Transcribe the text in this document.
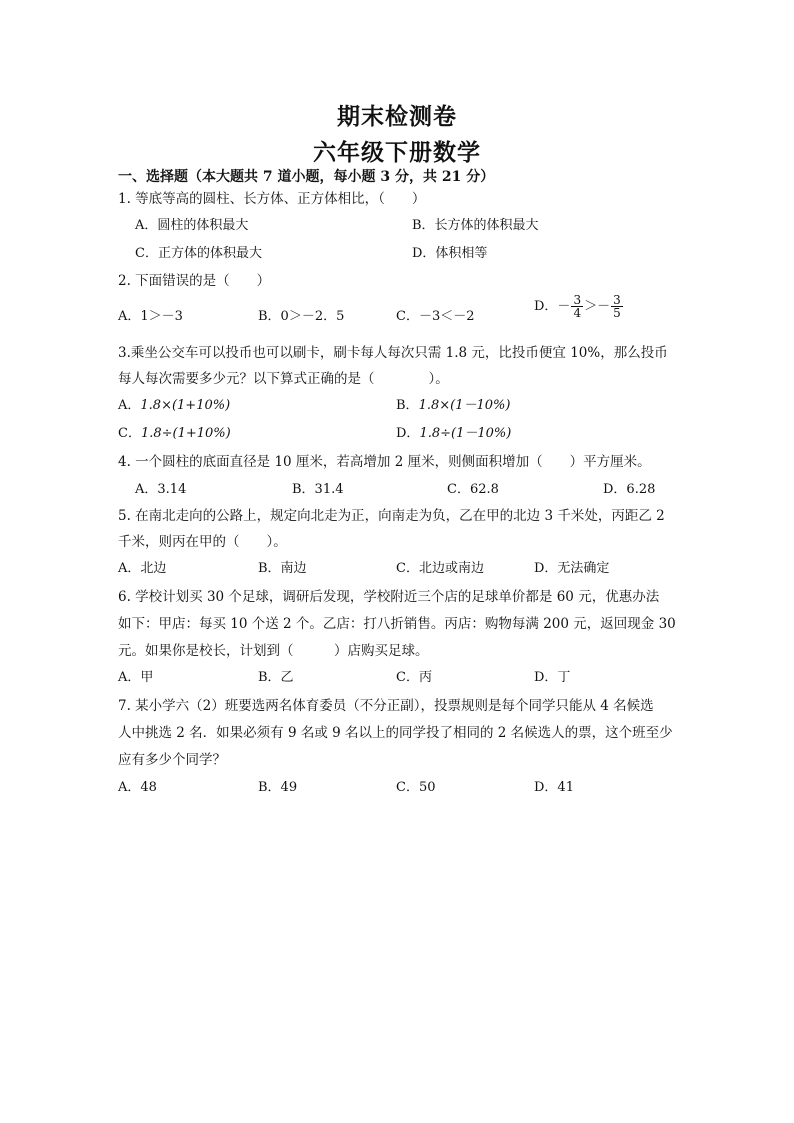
期末检测卷
六年级下册数学
一、选择题（本大题共 7 道小题，每小题 3 分，共 21 分）
1. 等底等高的圆柱、长方体、正方体相比，（　　）
A．圆柱的体积最大	B．长方体的体积最大
C．正方体的体积最大	D．体积相等
2. 下面错误的是（　　）
A．1＞－3	B．0＞－2．5	C．－3＜－2
D．－ $\frac{3}{4} >- \frac{3}{5}$
3.乘坐公交车可以投币也可以刷卡，刷卡每人每次只需 1.8 元，比投币便宜 10%，那么投币
每人每次需要多少元？以下算式正确的是（　　　　）。
A．1.8×(1+10%)	B．1.8×(1－10%)
C．1.8÷(1+10%)	D．1.8÷(1－10%)
4. 一个圆柱的底面直径是 10 厘米，若高增加 2 厘米，则侧面积增加（　　）平方厘米。
A．3.14	B．31.4	C．62.8	D．6.28
5. 在南北走向的公路上，规定向北走为正，向南走为负，乙在甲的北边 3 千米处，丙距乙 2
千米，则丙在甲的（　　）。
A．北边	B．南边	C．北边或南边	D．无法确定
6. 学校计划买 30 个足球，调研后发现，学校附近三个店的足球单价都是 60 元，优惠办法
如下：甲店：每买 10 个送 2 个。乙店：打八折销售。丙店：购物每满 200 元，返回现金 30
元。如果你是校长，计划到（　　　）店购买足球。
A．甲	B．乙	C．丙	D．丁
7. 某小学六（2）班要选两名体育委员（不分正副），投票规则是每个同学只能从 4 名候选
人中挑选 2 名．如果必须有 9 名或 9 名以上的同学投了相同的 2 名候选人的票，这个班至少
应有多少个同学？
A．48	B．49	C．50	D．41
